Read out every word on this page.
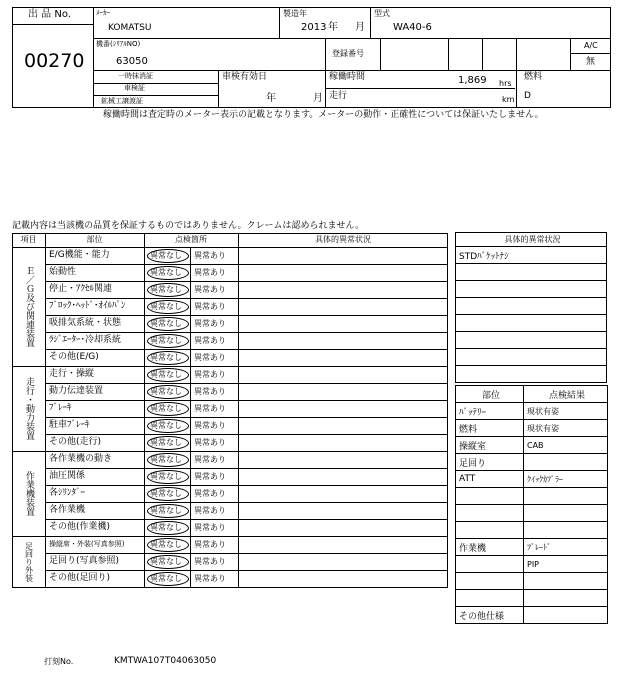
出 品 No.
00270
ﾒｰｶｰ
KOMATSU
製造年
2013 年 月
型式
WA40-6
機番(ｼﾘｱﾙNO)
63050
登録番号
A/C
無
一時抹消証
車検証
鉱械工譲渡証
車検有効日
年	月
稼働時間	1,869 hrs
走行	km
燃料
D
稼働時間は査定時のメーター表示の記載となります。メーターの動作・正確性については保証いたしません。
記載内容は当該機の品質を保証するものではありません。クレームは認められません。
項目	部位	点検箇所	具体的異常状況
Ｅ／Ｇ及び関連装置
E/G機能・能力	異常なし 異常あり
始動性	異常なし 異常あり
停止・ｱｸｾﾙ関連	異常なし 異常あり
ﾌﾞﾛｯｸ･ﾍｯﾄﾞ･ｵｲﾙﾊﾟﾝ	異常なし 異常あり
吸排気系統・状態	異常なし 異常あり
ﾗｼﾞｴｰﾀｰ･冷却系統	異常なし 異常あり
その他(E/G)	異常なし 異常あり
走行・動力装置
走行・操縦	異常なし 異常あり
動力伝達装置	異常なし 異常あり
ﾌﾞﾚｰｷ	異常なし 異常あり
駐車ﾌﾞﾚｰｷ	異常なし 異常あり
その他(走行)	異常なし 異常あり
作業機装置
各作業機の動き	異常なし 異常あり
油圧関係	異常なし 異常あり
各ｼﾘﾝﾀﾞｰ	異常なし 異常あり
各作業機	異常なし 異常あり
その他(作業機)	異常なし 異常あり
足回り外装	操縦席・外装(写真参照)	異常なし 異常あり
足回り(写真参照)	異常なし 異常あり
その他(足回り)	異常なし 異常あり
具体的異常状況
STDﾊﾞｹｯﾄﾅｼ

部位	点検結果
ﾊﾞｯﾃﾘｰ	現状有姿
燃料	現状有姿
操縦室	CAB
足回り	
ATT	ｸｲｯｸｶﾌﾟﾗｰ

作業機	ﾌﾞﾚｰﾄﾞ
	PIP

その他仕様	
打刻No.	KMTWA107T04063050
